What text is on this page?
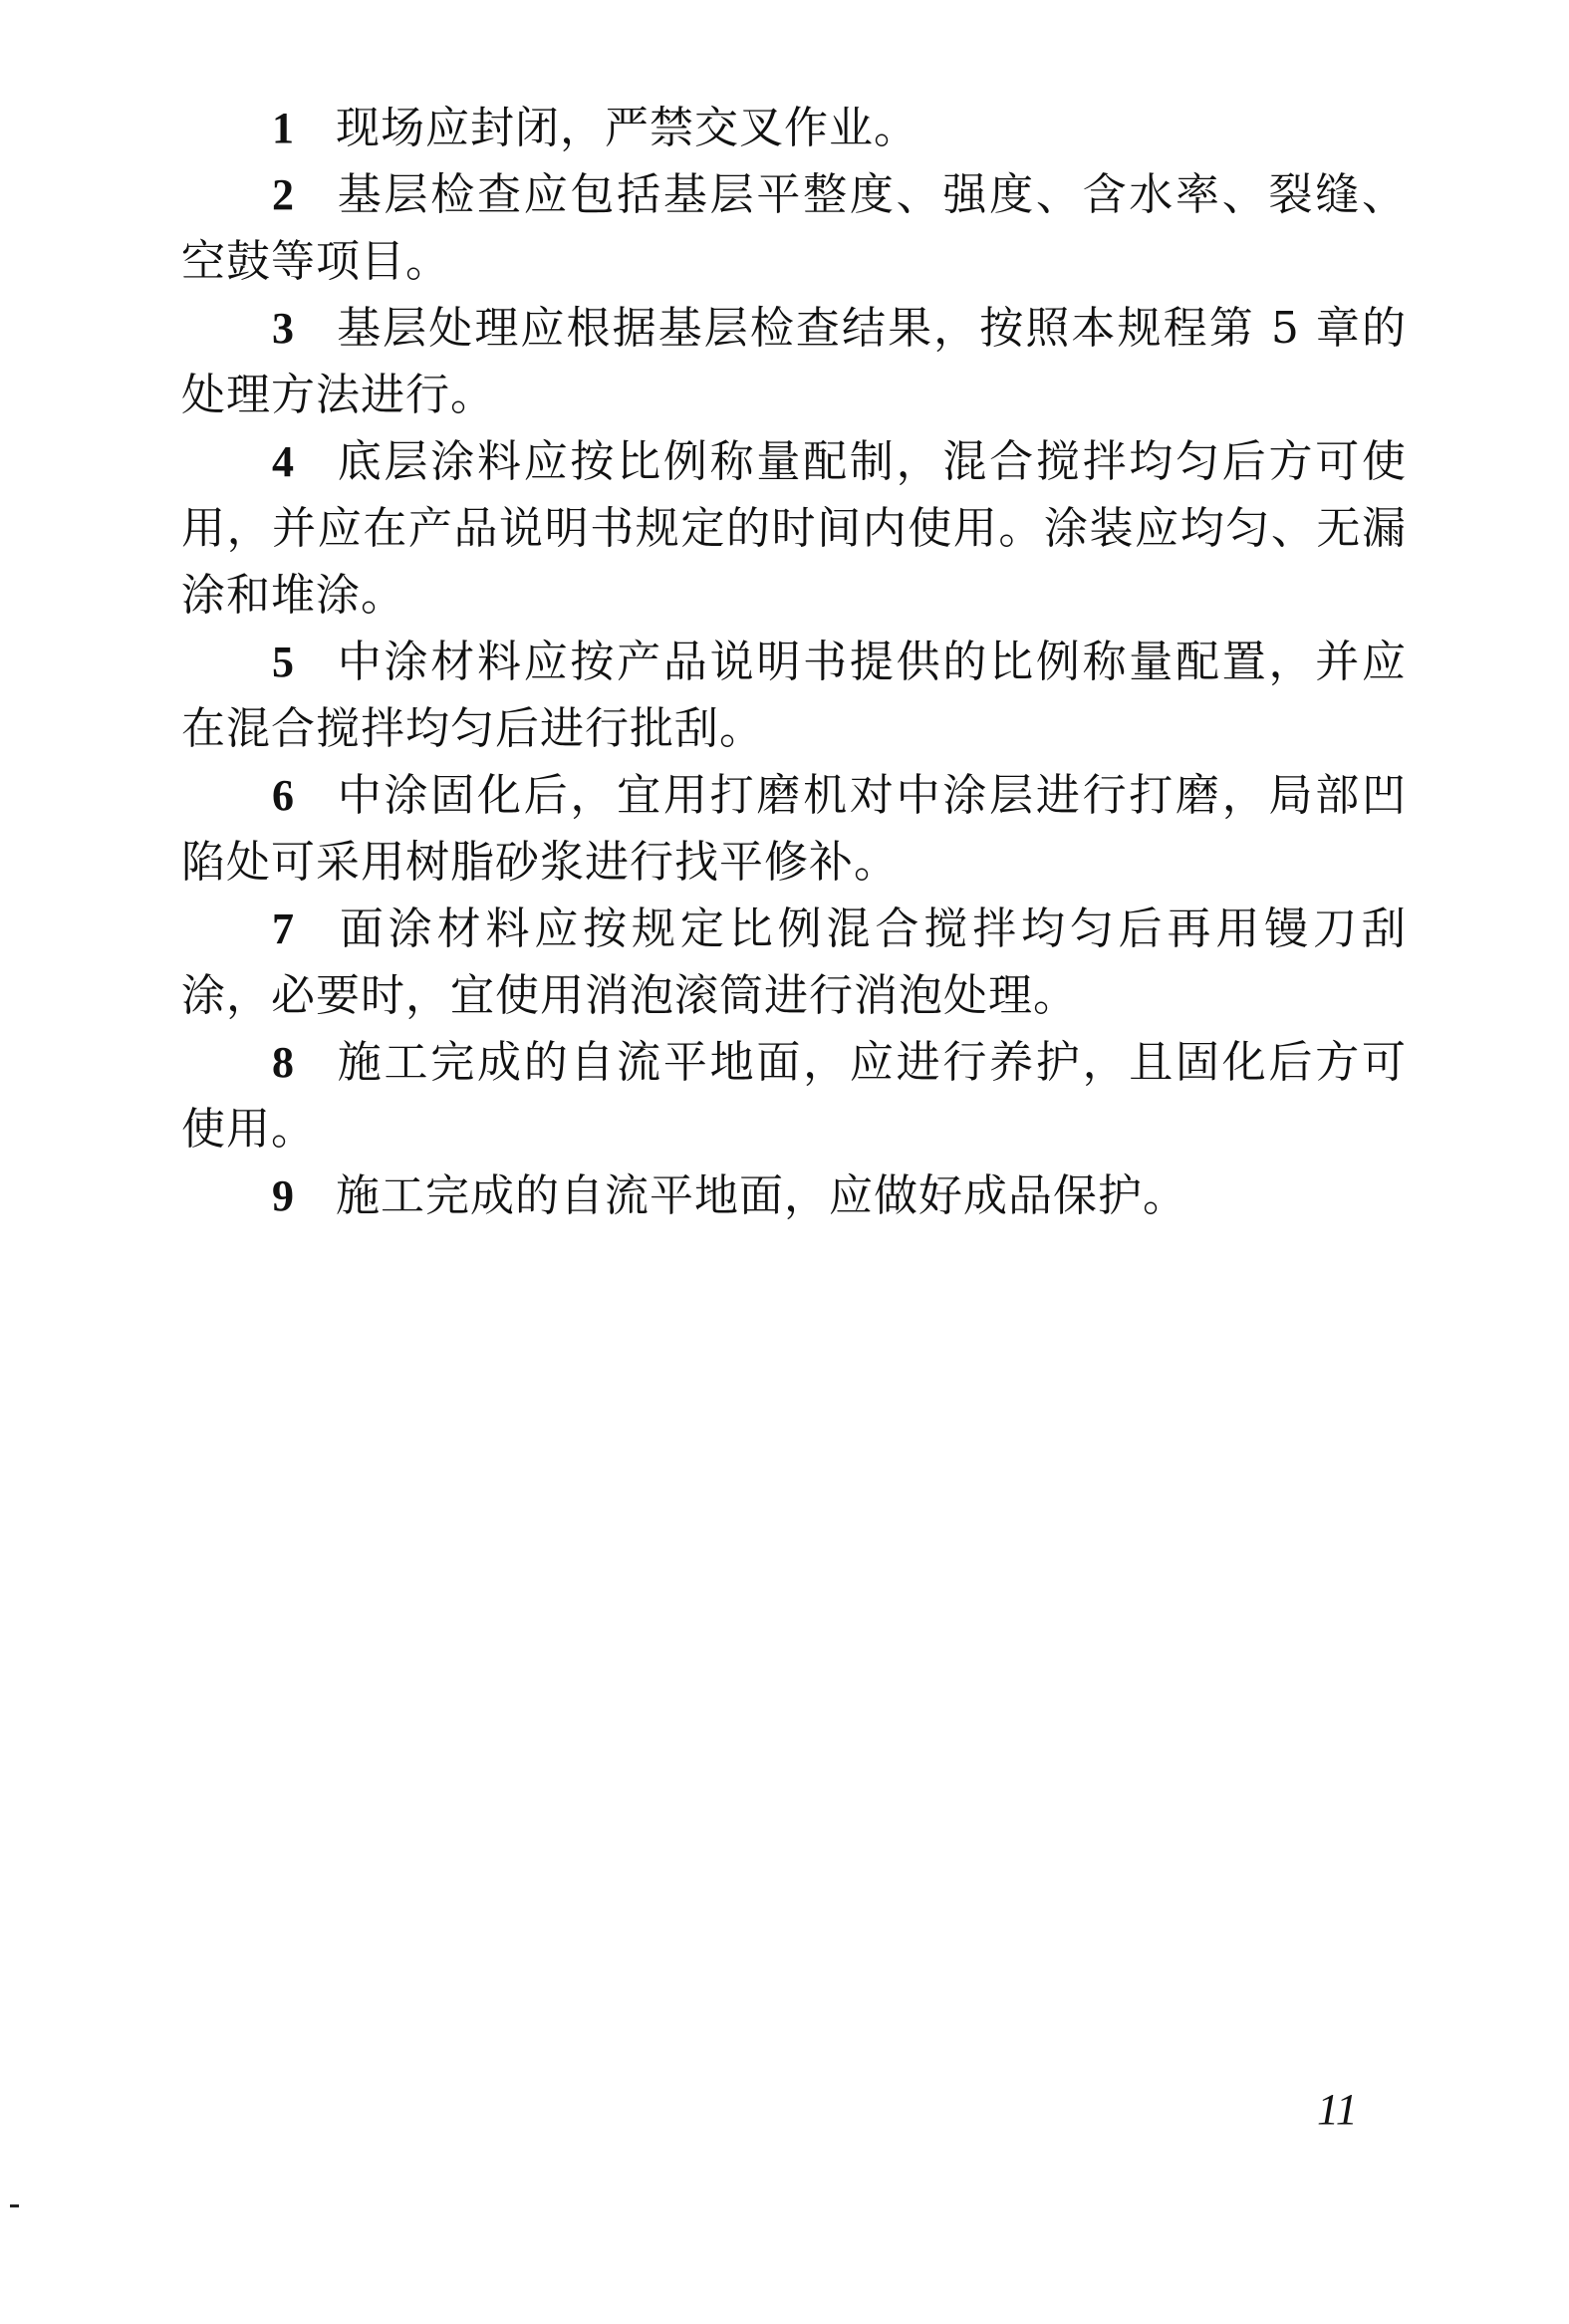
1 现场应封闭，严禁交叉作业。

2 基层检查应包括基层平整度、强度、含水率、裂缝、空鼓等项目。

3 基层处理应根据基层检查结果，按照本规程第 5 章的处理方法进行。

4 底层涂料应按比例称量配制，混合搅拌均匀后方可使用，并应在产品说明书规定的时间内使用。涂装应均匀、无漏涂和堆涂。

5 中涂材料应按产品说明书提供的比例称量配置，并应在混合搅拌均匀后进行批刮。

6 中涂固化后，宜用打磨机对中涂层进行打磨，局部凹陷处可采用树脂砂浆进行找平修补。

7 面涂材料应按规定比例混合搅拌均匀后再用镘刀刮涂，必要时，宜使用消泡滚筒进行消泡处理。

8 施工完成的自流平地面，应进行养护，且固化后方可使用。

9 施工完成的自流平地面，应做好成品保护。

11
